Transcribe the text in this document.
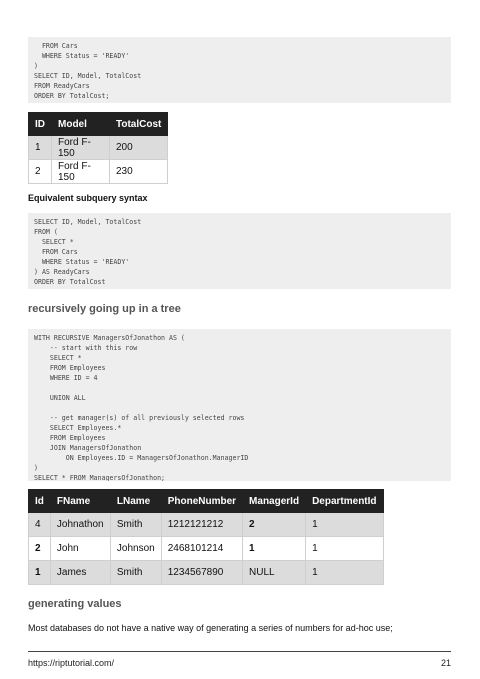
FROM Cars
WHERE Status = 'READY'
)
SELECT ID, Model, TotalCost
FROM ReadyCars
ORDER BY TotalCost;
ID	Model	TotalCost
1	Ford F-150	200
2	Ford F-150	230
Equivalent subquery syntax
SELECT ID, Model, TotalCost
FROM (
SELECT *
FROM Cars
WHERE Status = 'READY'
) AS ReadyCars
ORDER BY TotalCost
recursively going up in a tree
WITH RECURSIVE ManagersOfJonathon AS (
-- start with this row
SELECT *
FROM Employees
WHERE ID = 4

UNION ALL

-- get manager(s) of all previously selected rows
SELECT Employees.*
FROM Employees
JOIN ManagersOfJonathon
ON Employees.ID = ManagersOfJonathon.ManagerID
)
SELECT * FROM ManagersOfJonathon;
Id	FName	LName	PhoneNumber	ManagerId	DepartmentId
4	Johnathon	Smith	1212121212	2	1
2	John	Johnson	2468101214	1	1
1	James	Smith	1234567890	NULL	1
generating values

Most databases do not have a native way of generating a series of numbers for ad-hoc use;

https://riptutorial.com/	21
